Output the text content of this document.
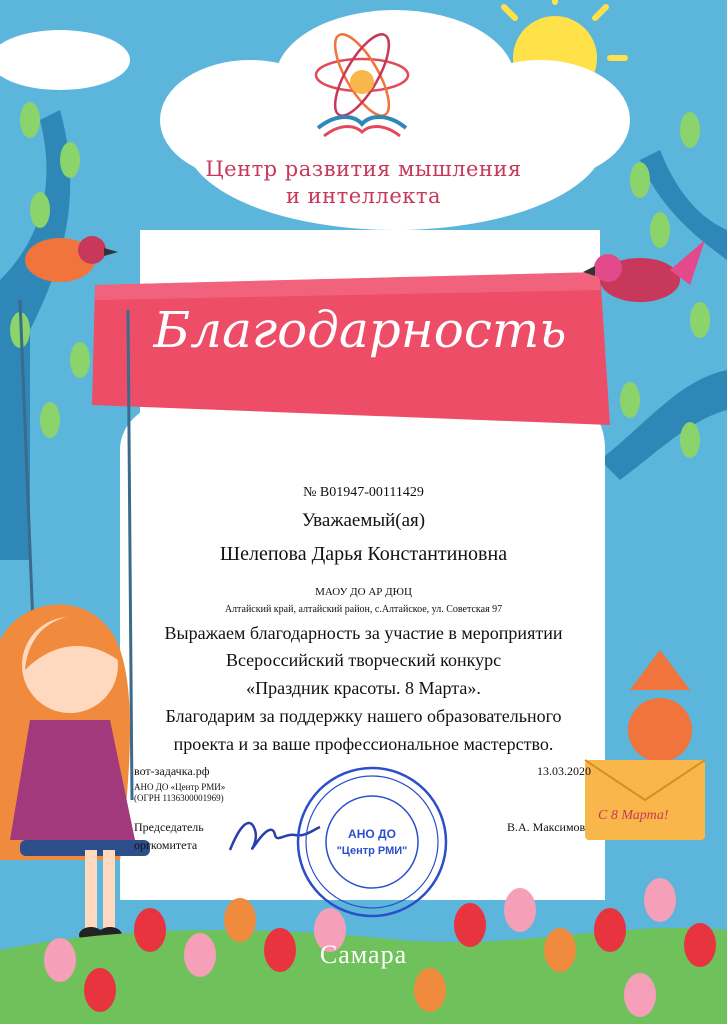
Центр развития мышления
и интеллекта
Благодарность
№ В01947-00111429
Уважаемый(ая)
Шелепова Дарья Константиновна
МАОУ ДО АР ДЮЦ
Алтайский край, алтайский район, с.Алтайское, ул. Советская 97
Выражаем благодарность за участие в мероприятии
Всероссийский творческий конкурс
«Праздник красоты. 8 Марта».
Благодарим за поддержку нашего образовательного
проекта и за ваше профессиональное мастерство.
вот-задачка.рф
АНО ДО «Центр РМИ»
(ОГРН 1136300001969)
13.03.2020
Председатель
оргкомитета
В.А. Максимов
АНО ДО
"Центр РМИ"
С 8 Марта!
Самара
